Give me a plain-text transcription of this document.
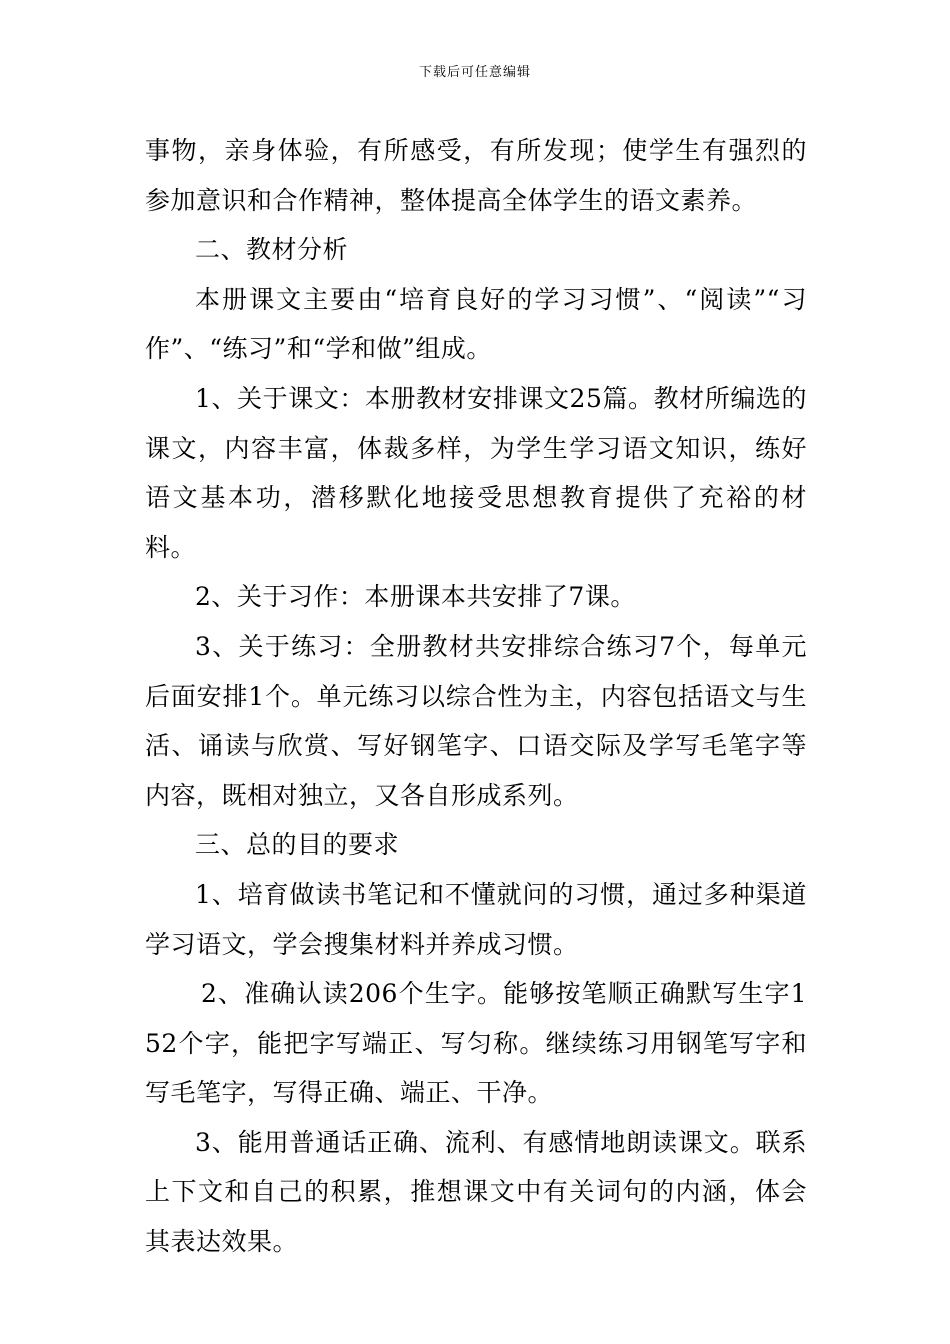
下载后可任意编辑

事物，亲身体验，有所感受，有所发现；使学生有强烈的参加意识和合作精神，整体提高全体学生的语文素养。

二、教材分析

本册课文主要由“培育良好的学习习惯”、“阅读”“习作”、“练习”和“学和做”组成。

1、关于课文：本册教材安排课文25篇。教材所编选的课文，内容丰富，体裁多样，为学生学习语文知识，练好语文基本功，潜移默化地接受思想教育提供了充裕的材料。

2、关于习作：本册课本共安排了7课。

3、关于练习：全册教材共安排综合练习7个，每单元后面安排1个。单元练习以综合性为主，内容包括语文与生活、诵读与欣赏、写好钢笔字、口语交际及学写毛笔字等内容，既相对独立，又各自形成系列。

三、总的目的要求

1、培育做读书笔记和不懂就问的习惯，通过多种渠道学习语文，学会搜集材料并养成习惯。

2、准确认读206个生字。能够按笔顺正确默写生字152个字，能把字写端正、写匀称。继续练习用钢笔写字和写毛笔字，写得正确、端正、干净。

3、能用普通话正确、流利、有感情地朗读课文。联系上下文和自己的积累，推想课文中有关词句的内涵，体会其表达效果。
